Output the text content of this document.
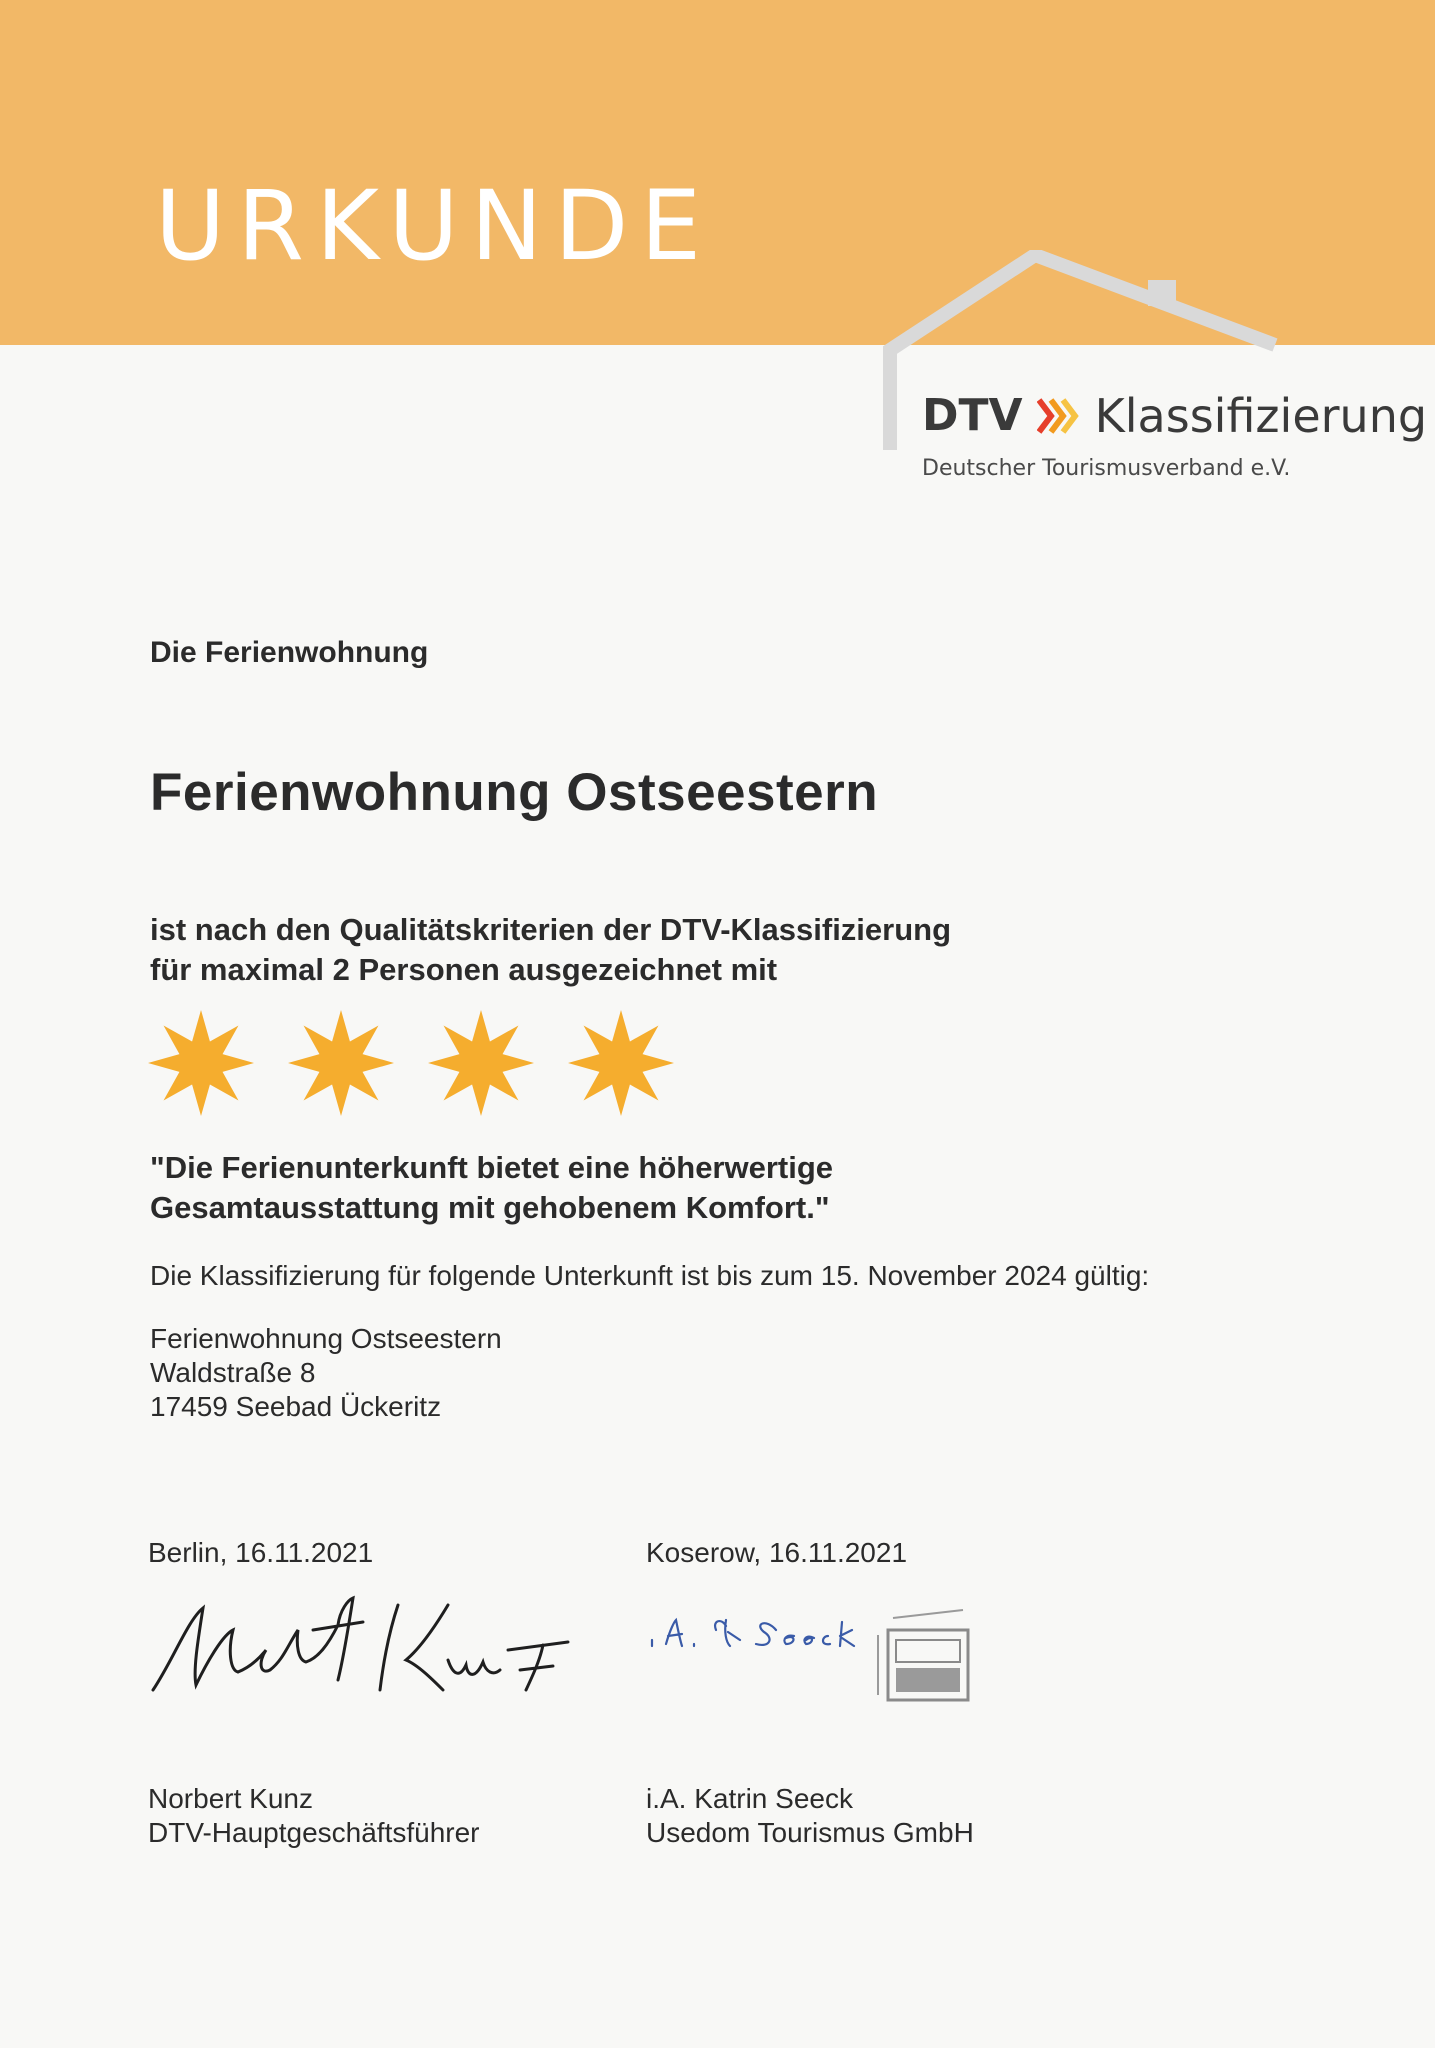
URKUNDE
DTV Klassifizierung
Deutscher Tourismusverband e.V.
Die Ferienwohnung
Ferienwohnung Ostseestern
ist nach den Qualitätskriterien der DTV-Klassifizierung
für maximal 2 Personen ausgezeichnet mit
"Die Ferienunterkunft bietet eine höherwertige
Gesamtausstattung mit gehobenem Komfort."
Die Klassifizierung für folgende Unterkunft ist bis zum 15. November 2024 gültig:
Ferienwohnung Ostseestern
Waldstraße 8
17459 Seebad Ückeritz
Berlin, 16.11.2021	Koserow, 16.11.2021
Norbert Kunz
DTV-Hauptgeschäftsführer
i.A. Katrin Seeck
Usedom Tourismus GmbH
